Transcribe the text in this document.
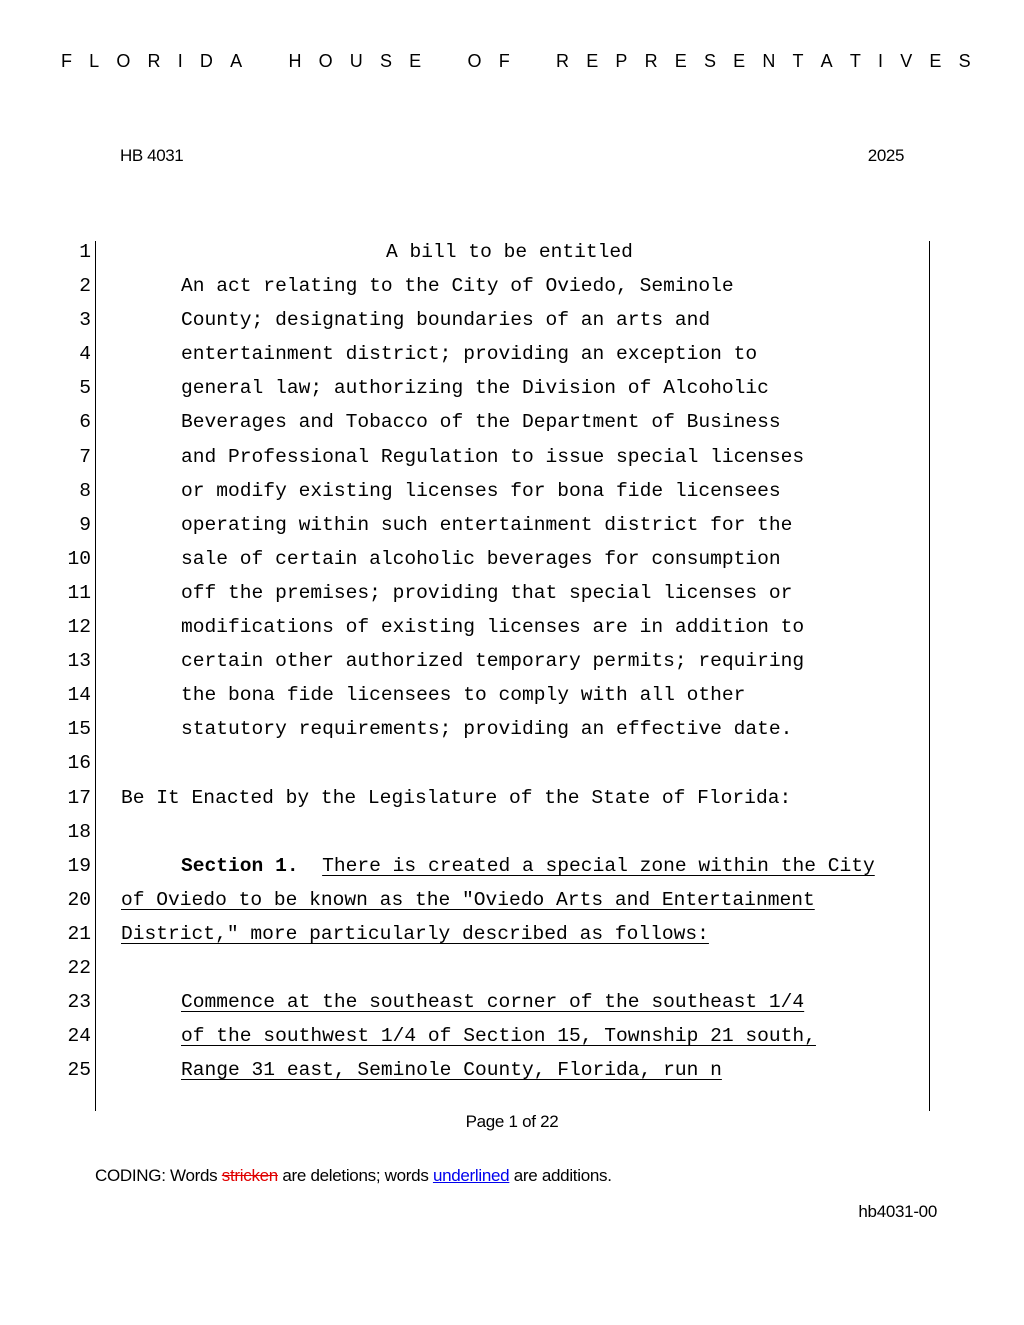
F L O R I D A	H O U S E	O F	R E P R E S E N T A T I V E S
HB 4031	2025
1	A bill to be entitled
2	An act relating to the City of Oviedo, Seminole
3	County; designating boundaries of an arts and
4	entertainment district; providing an exception to
5	general law; authorizing the Division of Alcoholic
6	Beverages and Tobacco of the Department of Business
7	and Professional Regulation to issue special licenses
8	or modify existing licenses for bona fide licensees
9	operating within such entertainment district for the
10	sale of certain alcoholic beverages for consumption
11	off the premises; providing that special licenses or
12	modifications of existing licenses are in addition to
13	certain other authorized temporary permits; requiring
14	the bona fide licensees to comply with all other
15	statutory requirements; providing an effective date.
16
17 Be It Enacted by the Legislature of the State of Florida:
18
19	Section 1. There is created a special zone within the City
20 of Oviedo to be known as the "Oviedo Arts and Entertainment
21 District," more particularly described as follows:
22
23	Commence at the southeast corner of the southeast 1/4
24	of the southwest 1/4 of Section 15, Township 21 south,
25	Range 31 east, Seminole County, Florida, run n
Page 1 of 22
CODING: Words stricken are deletions; words underlined are additions.
hb4031-00
